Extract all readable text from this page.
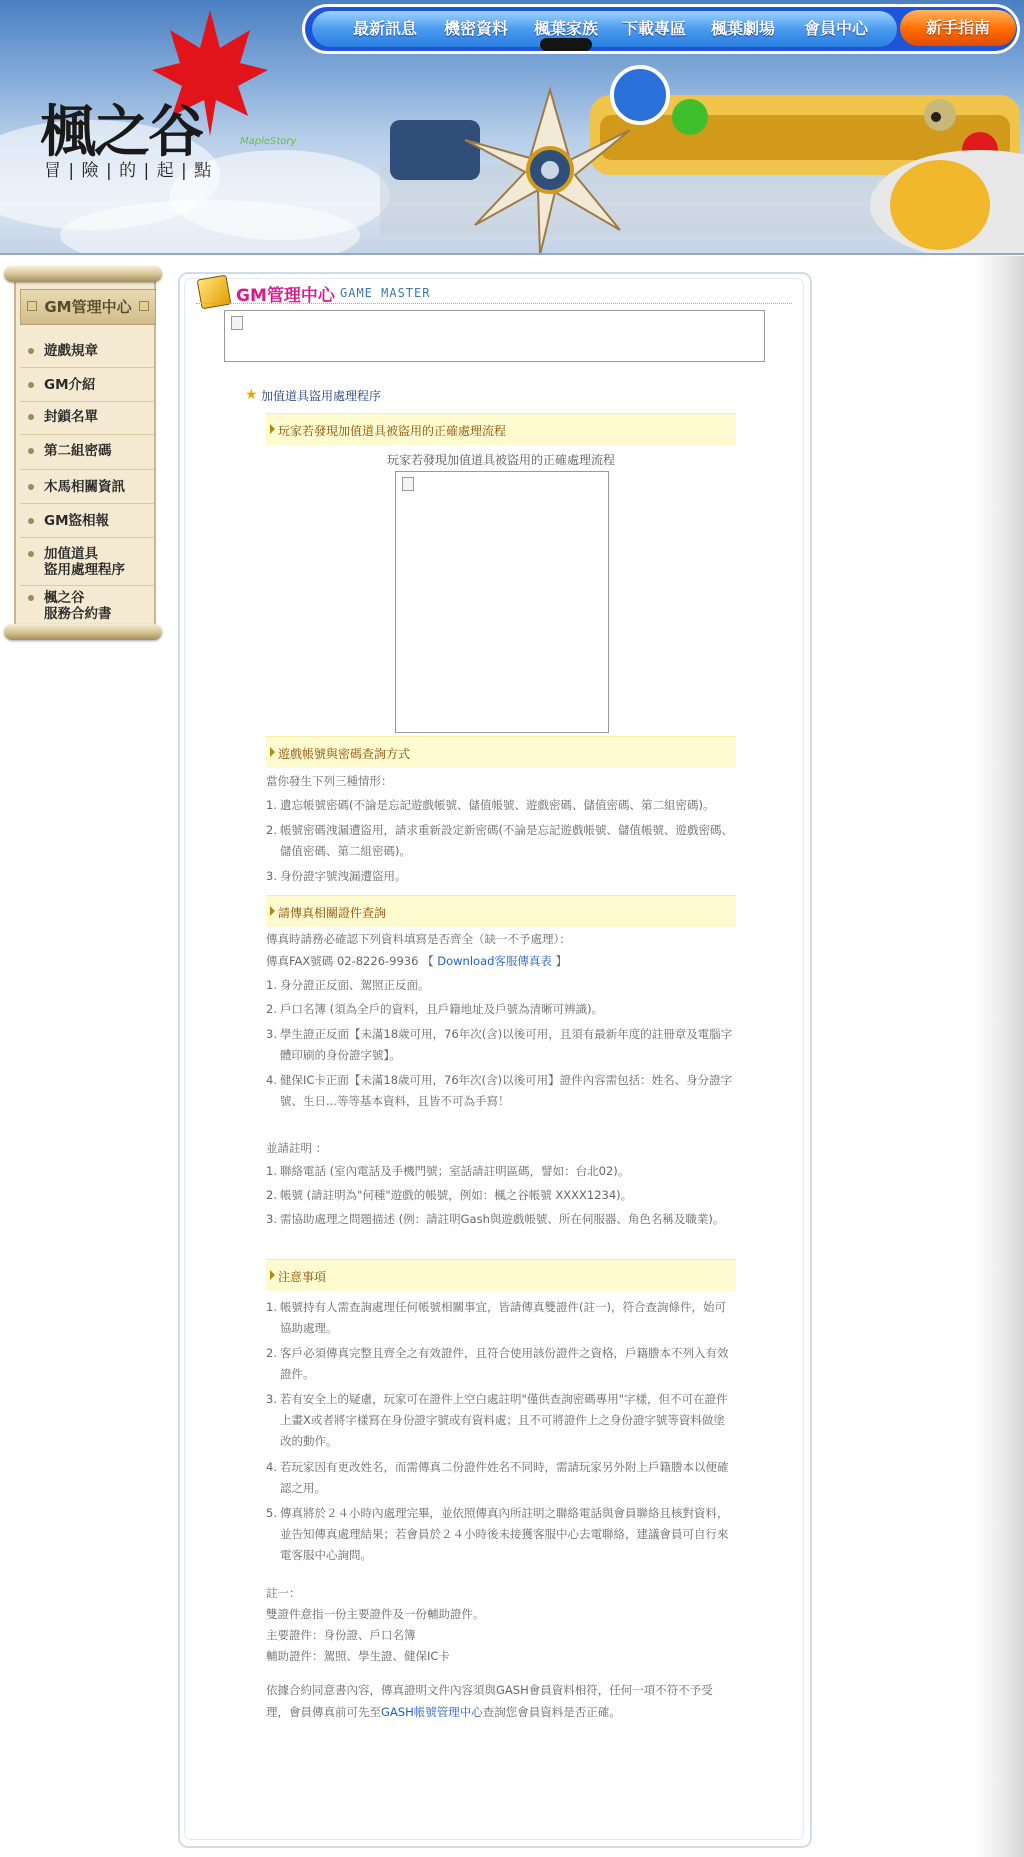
楓之谷	MapleStory
冒 | 險 | 的 | 起 | 點
最新訊息 機密資料 楓葉家族 下載專區 楓葉劇場 會員中心	新手指南
GM管理中心
遊戲規章
GM介紹
封鎖名單
第二組密碼
木馬相關資訊
GM盜相報

加值道具
盜用處理程序

楓之谷
服務合約書
GM管理中心 GAME MASTER
★ 加值道具盜用處理程序
玩家若發現加值道具被盜用的正確處理流程
玩家若發現加值道具被盜用的正確處理流程
遊戲帳號與密碼查詢方式
當你發生下列三種情形：
1. 遺忘帳號密碼(不論是忘記遊戲帳號、儲值帳號、遊戲密碼、儲值密碼、第二組密碼)。
2. 帳號密碼洩漏遭盜用，請求重新設定新密碼(不論是忘記遊戲帳號、儲值帳號、遊戲密碼、儲值密碼、第二組密碼)。
3. 身份證字號洩漏遭盜用。
請傳真相關證件查詢
傳真時請務必確認下列資料填寫是否齊全（缺一不予處理）：
傳真FAX號碼 02-8226-9936 【 Download客服傳真表 】
1. 身分證正反面、駕照正反面。
2. 戶口名簿 (須為全戶的資料，且戶籍地址及戶號為清晰可辨識)。
3. 學生證正反面【未滿18歲可用，76年次(含)以後可用，且須有最新年度的註冊章及電腦字體印刷的身份證字號】。
4. 健保IC卡正面【未滿18歲可用，76年次(含)以後可用】證件內容需包括：姓名、身分證字號、生日...等等基本資料，且皆不可為手寫！
並請註明 ：
1. 聯絡電話 (室內電話及手機門號；室話請註明區碼，譬如：台北02)。
2. 帳號 (請註明為"何種"遊戲的帳號，例如：楓之谷帳號 XXXX1234)。
3. 需協助處理之問題描述 (例：請註明Gash與遊戲帳號、所在伺服器、角色名稱及職業)。
注意事項
1. 帳號持有人需查詢處理任何帳號相關事宜，皆請傳真雙證件(註一)，符合查詢條件，始可協助處理。
2. 客戶必須傳真完整且齊全之有效證件，且符合使用該份證件之資格，戶籍謄本不列入有效證件。
3. 若有安全上的疑慮，玩家可在證件上空白處註明"僅供查詢密碼專用"字樣，但不可在證件上畫X或者將字樣寫在身份證字號或有資料處；且不可將證件上之身份證字號等資料做塗改的動作。
4. 若玩家因有更改姓名，而需傳真二份證件姓名不同時，需請玩家另外附上戶籍謄本以便確認之用。
5. 傳真將於２４小時內處理完畢，並依照傳真內所註明之聯絡電話與會員聯絡且核對資料，並告知傳真處理結果；若會員於２４小時後未接獲客服中心去電聯絡，建議會員可自行來電客服中心詢問。
註一：
雙證件意指一份主要證件及一份輔助證件。
主要證件：身份證、戶口名簿
輔助證件：駕照、學生證、健保IC卡
依據合約同意書內容，傳真證明文件內容須與GASH會員資料相符，任何一項不符不予受
理，會員傳真前可先至GASH帳號管理中心查詢您會員資料是否正確。
